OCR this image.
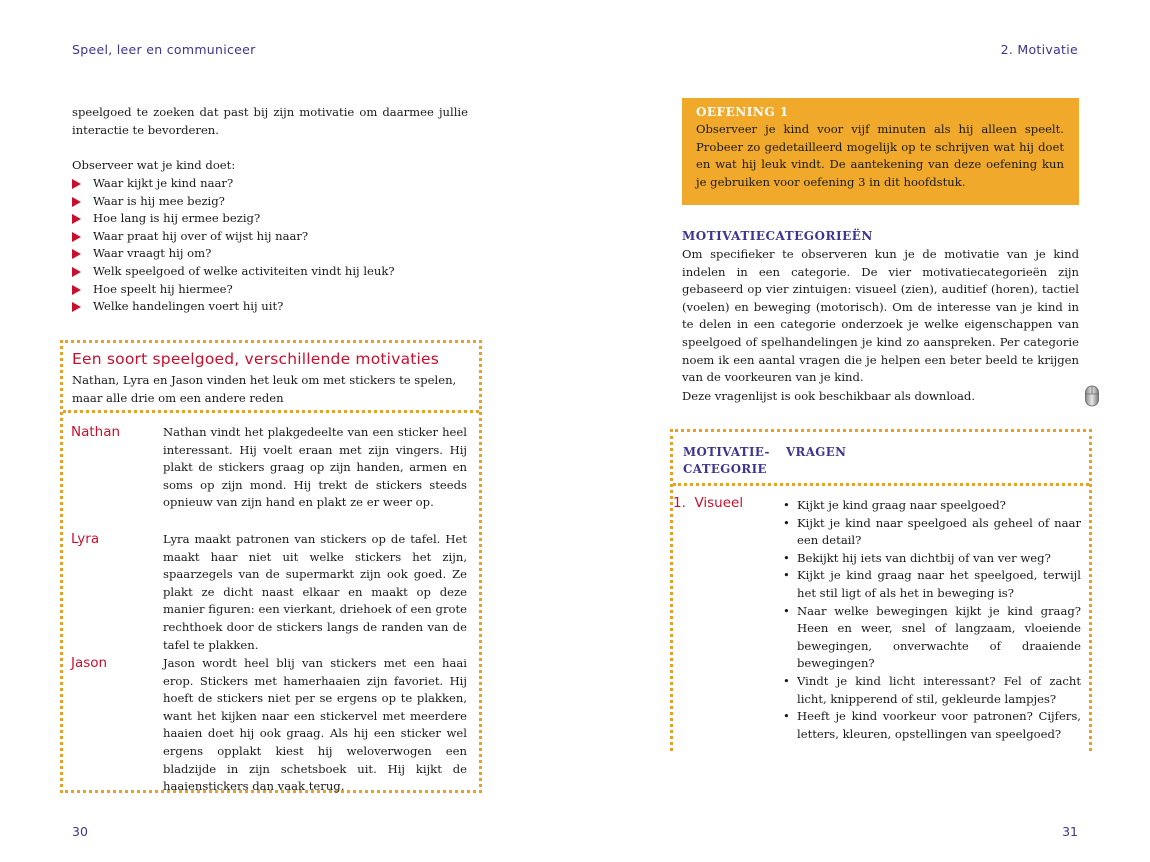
Speel, leer en communiceer
speelgoed te zoeken dat past bij zijn motivatie om daarmee jullie interactie te bevorderen.
Observeer wat je kind doet:
Waar kijkt je kind naar?
Waar is hij mee bezig?
Hoe lang is hij ermee bezig?
Waar praat hij over of wijst hij naar?
Waar vraagt hij om?
Welk speelgoed of welke activiteiten vindt hij leuk?
Hoe speelt hij hiermee?
Welke handelingen voert hij uit?
Een soort speelgoed, verschillende motivaties
Nathan, Lyra en Jason vinden het leuk om met stickers te spelen, maar alle drie om een andere reden
Nathan	Nathan vindt het plakgedeelte van een sticker heel interessant. Hij voelt eraan met zijn vingers. Hij plakt de stickers graag op zijn handen, armen en soms op zijn mond. Hij trekt de stickers steeds opnieuw van zijn hand en plakt ze er weer op.
Lyra	Lyra maakt patronen van stickers op de tafel. Het maakt haar niet uit welke stickers het zijn, spaarzegels van de supermarkt zijn ook goed. Ze plakt ze dicht naast elkaar en maakt op deze manier figuren: een vierkant, driehoek of een grote rechthoek door de stickers langs de randen van de tafel te plakken.
Jason	Jason wordt heel blij van stickers met een haai erop. Stickers met hamerhaaien zijn favoriet. Hij hoeft de stickers niet per se ergens op te plakken, want het kijken naar een stickervel met meerdere haaien doet hij ook graag. Als hij een sticker wel ergens opplakt kiest hij weloverwogen een bladzijde in zijn schetsboek uit. Hij kijkt de haaienstickers dan vaak terug.
30
2. Motivatie
OEFENING 1
Observeer je kind voor vijf minuten als hij alleen speelt. Probeer zo gedetailleerd mogelijk op te schrijven wat hij doet en wat hij leuk vindt. De aantekening van deze oefening kun je gebruiken voor oefening 3 in dit hoofdstuk.
MOTIVATIECATEGORIEËN
Om specifieker te observeren kun je de motivatie van je kind indelen in een categorie. De vier motivatiecategorieën zijn gebaseerd op vier zintuigen: visueel (zien), auditief (horen), tactiel (voelen) en beweging (motorisch). Om de interesse van je kind in te delen in een categorie onderzoek je welke eigenschappen van speelgoed of spelhandelingen je kind zo aanspreken. Per categorie noem ik een aantal vragen die je helpen een beter beeld te krijgen van de voorkeuren van je kind.
Deze vragenlijst is ook beschikbaar als download.
MOTIVATIE-
CATEGORIE
VRAGEN
1.  Visueel
•	Kijkt je kind graag naar speelgoed?
• Kijkt je kind naar speelgoed als geheel of naar een detail?
• Bekijkt hij iets van dichtbij of van ver weg?
• Kijkt je kind graag naar het speelgoed, terwijl het stil ligt of als het in beweging is?
• Naar welke bewegingen kijkt je kind graag? Heen en weer, snel of langzaam, vloeiende bewegingen, onverwachte of draaiende bewegingen?
• Vindt je kind licht interessant? Fel of zacht licht, knipperend of stil, gekleurde lampjes?
• Heeft je kind voorkeur voor patronen? Cijfers, letters, kleuren, opstellingen van speelgoed?
31
